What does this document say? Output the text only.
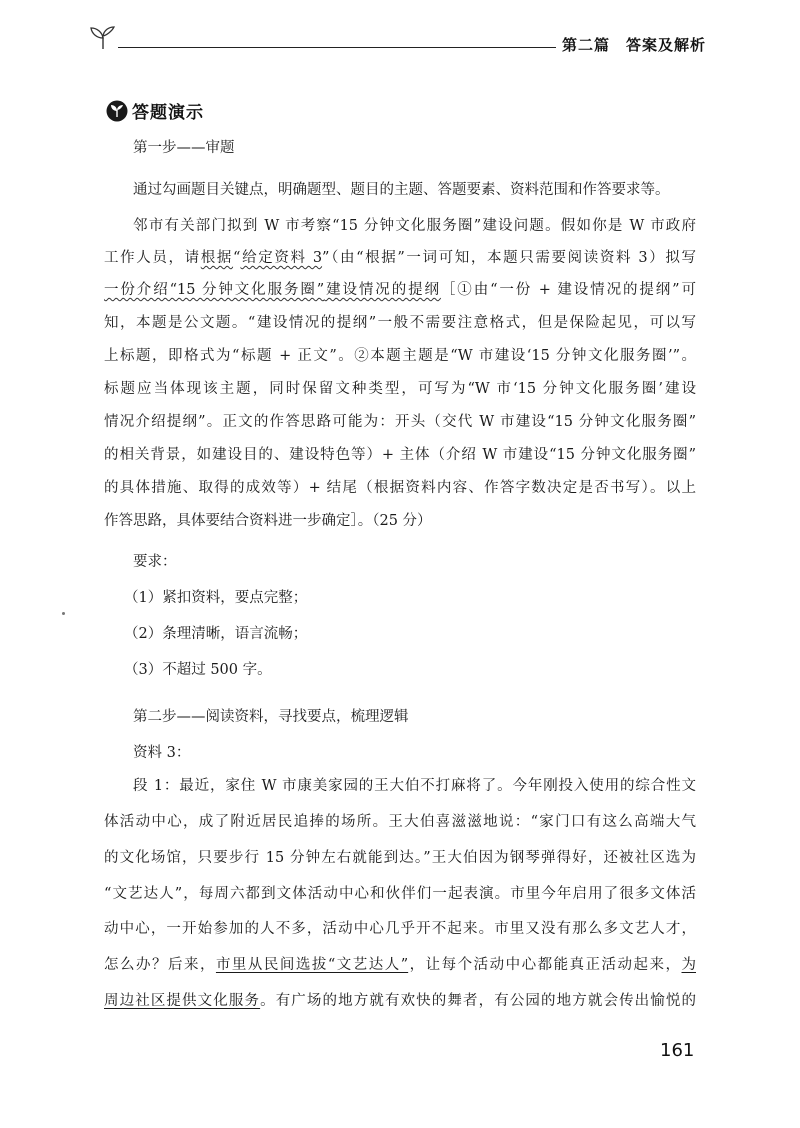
第二篇　答案及解析
答题演示
第一步——审题
通过勾画题目关键点，明确题型、题目的主题、答题要素、资料范围和作答要求等。
邻市有关部门拟到 W 市考察“15 分钟文化服务圈”建设问题。假如你是 W 市政府
工作人员，请根据“给定资料 3”（由“根据”一词可知，本题只需要阅读资料 3）拟写
一份介绍“15 分钟文化服务圈”建设情况的提纲［①由“一份 + 建设情况的提纲”可
知，本题是公文题。“建设情况的提纲”一般不需要注意格式，但是保险起见，可以写
上标题，即格式为“标题 + 正文”。②本题主题是“W 市建设‘15 分钟文化服务圈’”。
标题应当体现该主题，同时保留文种类型，可写为“W 市‘15 分钟文化服务圈’建设
情况介绍提纲”。正文的作答思路可能为：开头（交代 W 市建设“15 分钟文化服务圈”
的相关背景，如建设目的、建设特色等）+ 主体（介绍 W 市建设“15 分钟文化服务圈”
的具体措施、取得的成效等）+ 结尾（根据资料内容、作答字数决定是否书写）。以上
作答思路，具体要结合资料进一步确定］。（25 分）
要求：
（1）紧扣资料，要点完整；
（2）条理清晰，语言流畅；
（3）不超过 500 字。
第二步——阅读资料，寻找要点，梳理逻辑
资料 3：
段 1：最近，家住 W 市康美家园的王大伯不打麻将了。今年刚投入使用的综合性文
体活动中心，成了附近居民追捧的场所。王大伯喜滋滋地说：“家门口有这么高端大气
的文化场馆，只要步行 15 分钟左右就能到达。”王大伯因为钢琴弹得好，还被社区选为
“文艺达人”，每周六都到文体活动中心和伙伴们一起表演。市里今年启用了很多文体活
动中心，一开始参加的人不多，活动中心几乎开不起来。市里又没有那么多文艺人才，
怎么办？后来，市里从民间选拔“文艺达人”，让每个活动中心都能真正活动起来，为
周边社区提供文化服务。有广场的地方就有欢快的舞者，有公园的地方就会传出愉悦的
161
